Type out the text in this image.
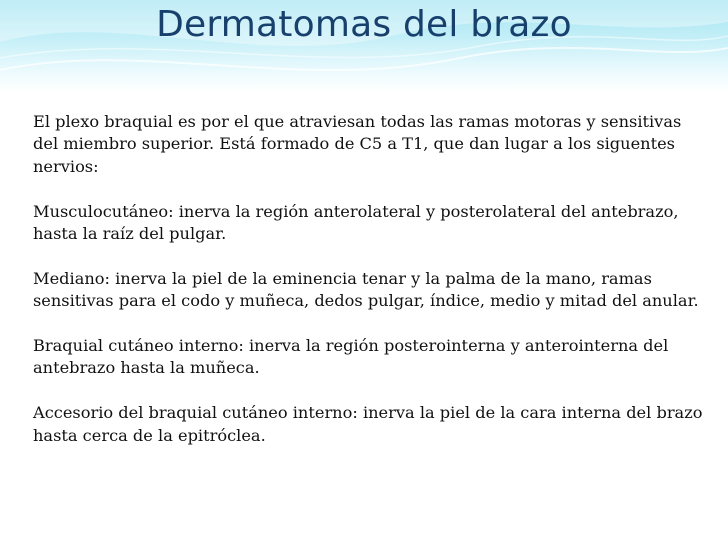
Dermatomas del brazo

El plexo braquial es por el que atraviesan todas las ramas motoras y sensitivas del miembro superior. Está formado de C5 a T1, que dan lugar a los siguentes nervios:

Musculocutáneo: inerva la región anterolateral y posterolateral del antebrazo, hasta la raíz del pulgar.

Mediano: inerva la piel de la eminencia tenar y la palma de la mano, ramas sensitivas para el codo y muñeca, dedos pulgar, índice, medio y mitad del anular.

Braquial cutáneo interno: inerva la región posterointerna y anterointerna del antebrazo hasta la muñeca.

Accesorio del braquial cutáneo interno: inerva la piel de la cara interna del brazo hasta cerca de la epitróclea.
